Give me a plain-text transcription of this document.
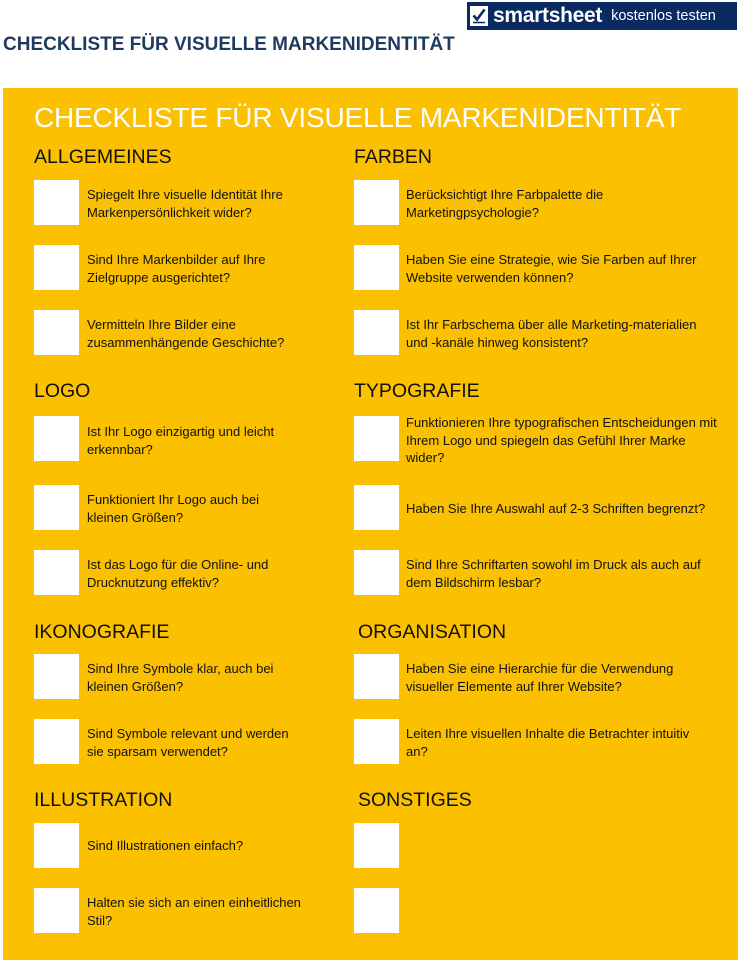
CHECKLISTE FÜR VISUELLE MARKENIDENTITÄT
smartsheet kostenlos testen
CHECKLISTE FÜR VISUELLE MARKENIDENTITÄT
ALLGEMEINES
Spiegelt Ihre visuelle Identität Ihre Markenpersönlichkeit wider?
Sind Ihre Markenbilder auf Ihre Zielgruppe ausgerichtet?
Vermitteln Ihre Bilder eine zusammenhängende Geschichte?
FARBEN
Berücksichtigt Ihre Farbpalette die Marketingpsychologie?
Haben Sie eine Strategie, wie Sie Farben auf Ihrer Website verwenden können?
Ist Ihr Farbschema über alle Marketing-materialien und -kanäle hinweg konsistent?
LOGO
Ist Ihr Logo einzigartig und leicht erkennbar?
Funktioniert Ihr Logo auch bei kleinen Größen?
Ist das Logo für die Online- und Drucknutzung effektiv?
TYPOGRAFIE
Funktionieren Ihre typografischen Entscheidungen mit Ihrem Logo und spiegeln das Gefühl Ihrer Marke wider?
Haben Sie Ihre Auswahl auf 2-3 Schriften begrenzt?
Sind Ihre Schriftarten sowohl im Druck als auch auf dem Bildschirm lesbar?
IKONOGRAFIE
Sind Ihre Symbole klar, auch bei kleinen Größen?
Sind Symbole relevant und werden sie sparsam verwendet?
ORGANISATION
Haben Sie eine Hierarchie für die Verwendung visueller Elemente auf Ihrer Website?
Leiten Ihre visuellen Inhalte die Betrachter intuitiv an?
ILLUSTRATION
Sind Illustrationen einfach?
Halten sie sich an einen einheitlichen Stil?
SONSTIGES
